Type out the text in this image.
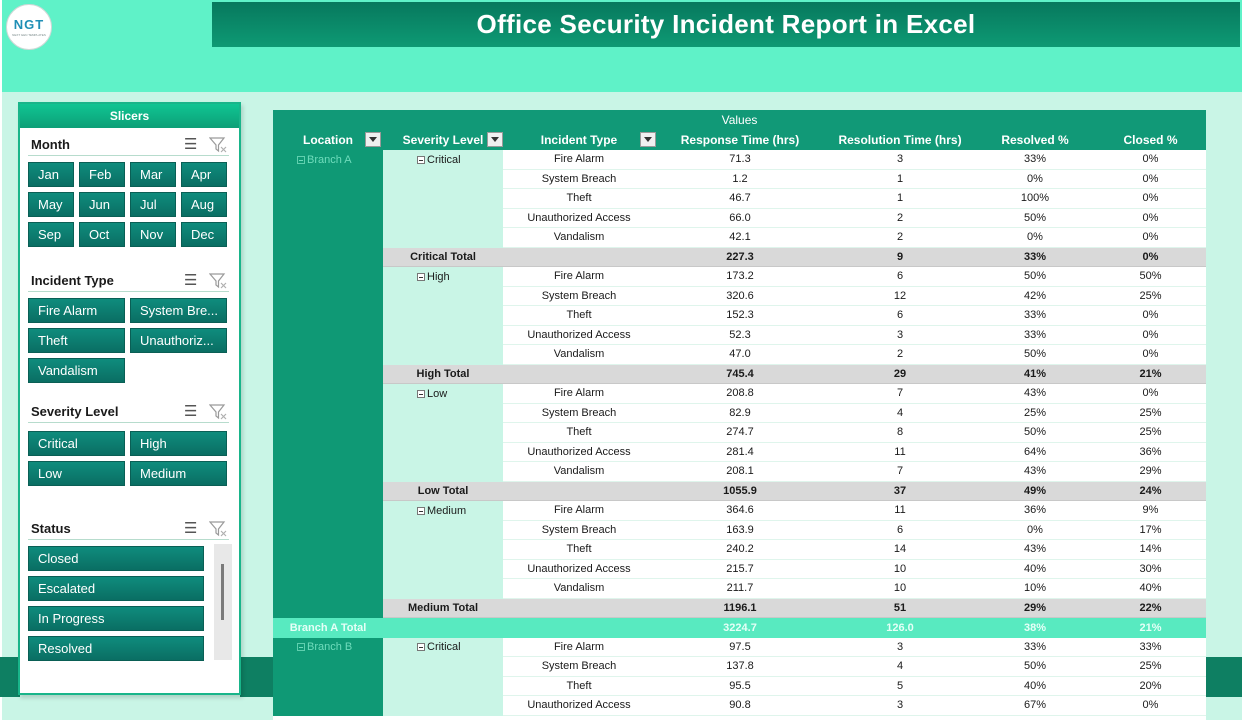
NGT
NEXT GEN TEMPLATES	Office Security Incident Report in Excel
Slicers
Month
☰
Jan	Feb	Mar	Apr
May	Jun	Jul	Aug
Sep	Oct	Nov	Dec
Incident Type
☰
Fire Alarm	System Bre...
Theft	Unauthoriz...
Vandalism
Severity Level
☰
Critical	High
Low	Medium
Status
☰
Closed
Escalated
In Progress
Resolved
Values
Location	Severity Level	Incident Type	Response Time (hrs)	Resolution Time (hrs)	Resolved %	Closed %
Branch A	Critical	Fire Alarm	71.3	3	33%	0%
System Breach	1.2	1	0%	0%
Theft	46.7	1	100%	0%
Unauthorized Access	66.0	2	50%	0%
Vandalism	42.1	2	0%	0%
Critical Total	227.3	9	33%	0%
High	Fire Alarm	173.2	6	50%	50%
System Breach	320.6	12	42%	25%
Theft	152.3	6	33%	0%
Unauthorized Access	52.3	3	33%	0%
Vandalism	47.0	2	50%	0%
High Total	745.4	29	41%	21%
Low	Fire Alarm	208.8	7	43%	0%
System Breach	82.9	4	25%	25%
Theft	274.7	8	50%	25%
Unauthorized Access	281.4	11	64%	36%
Vandalism	208.1	7	43%	29%
Low Total	1055.9	37	49%	24%
Medium	Fire Alarm	364.6	11	36%	9%
System Breach	163.9	6	0%	17%
Theft	240.2	14	43%	14%
Unauthorized Access	215.7	10	40%	30%
Vandalism	211.7	10	10%	40%
Medium Total	1196.1	51	29%	22%
Branch A Total	3224.7	126.0	38%	21%
Branch B	Critical	Fire Alarm	97.5	3	33%	33%
System Breach	137.8	4	50%	25%
Theft	95.5	5	40%	20%
Unauthorized Access	90.8	3	67%	0%
